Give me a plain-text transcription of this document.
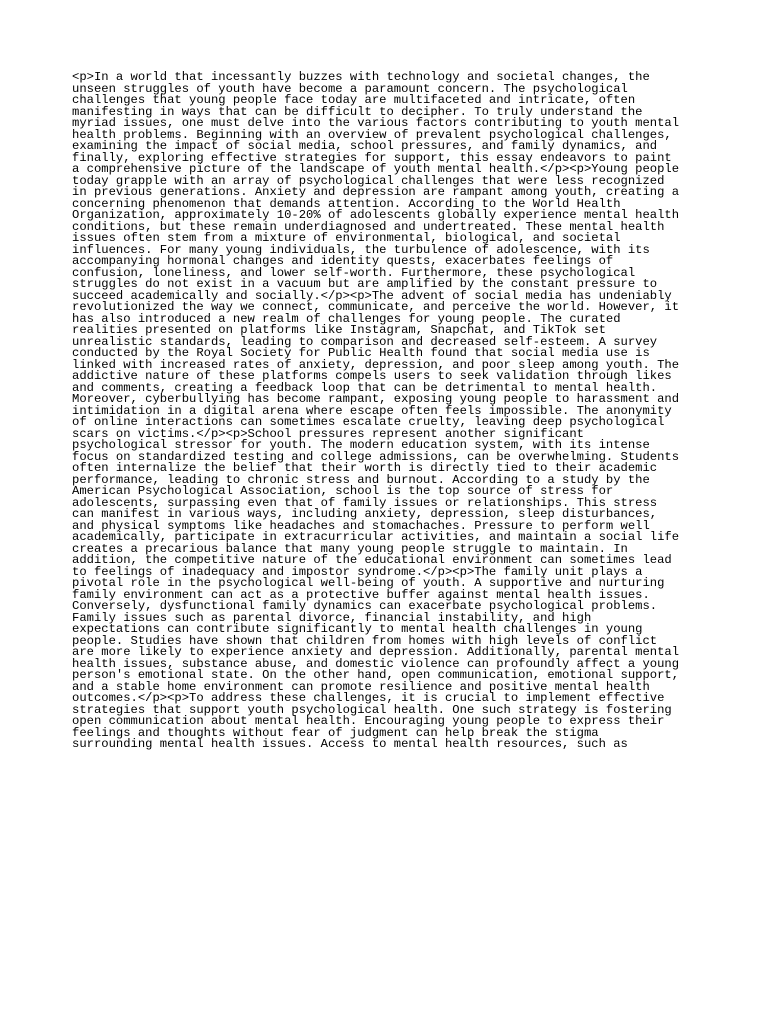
<p>In a world that incessantly buzzes with technology and societal changes, the
unseen struggles of youth have become a paramount concern. The psychological
challenges that young people face today are multifaceted and intricate, often
manifesting in ways that can be difficult to decipher. To truly understand the
myriad issues, one must delve into the various factors contributing to youth mental
health problems. Beginning with an overview of prevalent psychological challenges,
examining the impact of social media, school pressures, and family dynamics, and
finally, exploring effective strategies for support, this essay endeavors to paint
a comprehensive picture of the landscape of youth mental health.</p><p>Young people
today grapple with an array of psychological challenges that were less recognized
in previous generations. Anxiety and depression are rampant among youth, creating a
concerning phenomenon that demands attention. According to the World Health
Organization, approximately 10-20% of adolescents globally experience mental health
conditions, but these remain underdiagnosed and undertreated. These mental health
issues often stem from a mixture of environmental, biological, and societal
influences. For many young individuals, the turbulence of adolescence, with its
accompanying hormonal changes and identity quests, exacerbates feelings of
confusion, loneliness, and lower self-worth. Furthermore, these psychological
struggles do not exist in a vacuum but are amplified by the constant pressure to
succeed academically and socially.</p><p>The advent of social media has undeniably
revolutionized the way we connect, communicate, and perceive the world. However, it
has also introduced a new realm of challenges for young people. The curated
realities presented on platforms like Instagram, Snapchat, and TikTok set
unrealistic standards, leading to comparison and decreased self-esteem. A survey
conducted by the Royal Society for Public Health found that social media use is
linked with increased rates of anxiety, depression, and poor sleep among youth. The
addictive nature of these platforms compels users to seek validation through likes
and comments, creating a feedback loop that can be detrimental to mental health.
Moreover, cyberbullying has become rampant, exposing young people to harassment and
intimidation in a digital arena where escape often feels impossible. The anonymity
of online interactions can sometimes escalate cruelty, leaving deep psychological
scars on victims.</p><p>School pressures represent another significant
psychological stressor for youth. The modern education system, with its intense
focus on standardized testing and college admissions, can be overwhelming. Students
often internalize the belief that their worth is directly tied to their academic
performance, leading to chronic stress and burnout. According to a study by the
American Psychological Association, school is the top source of stress for
adolescents, surpassing even that of family issues or relationships. This stress
can manifest in various ways, including anxiety, depression, sleep disturbances,
and physical symptoms like headaches and stomachaches. Pressure to perform well
academically, participate in extracurricular activities, and maintain a social life
creates a precarious balance that many young people struggle to maintain. In
addition, the competitive nature of the educational environment can sometimes lead
to feelings of inadequacy and impostor syndrome.</p><p>The family unit plays a
pivotal role in the psychological well-being of youth. A supportive and nurturing
family environment can act as a protective buffer against mental health issues.
Conversely, dysfunctional family dynamics can exacerbate psychological problems.
Family issues such as parental divorce, financial instability, and high
expectations can contribute significantly to mental health challenges in young
people. Studies have shown that children from homes with high levels of conflict
are more likely to experience anxiety and depression. Additionally, parental mental
health issues, substance abuse, and domestic violence can profoundly affect a young
person's emotional state. On the other hand, open communication, emotional support,
and a stable home environment can promote resilience and positive mental health
outcomes.</p><p>To address these challenges, it is crucial to implement effective
strategies that support youth psychological health. One such strategy is fostering
open communication about mental health. Encouraging young people to express their
feelings and thoughts without fear of judgment can help break the stigma
surrounding mental health issues. Access to mental health resources, such as
